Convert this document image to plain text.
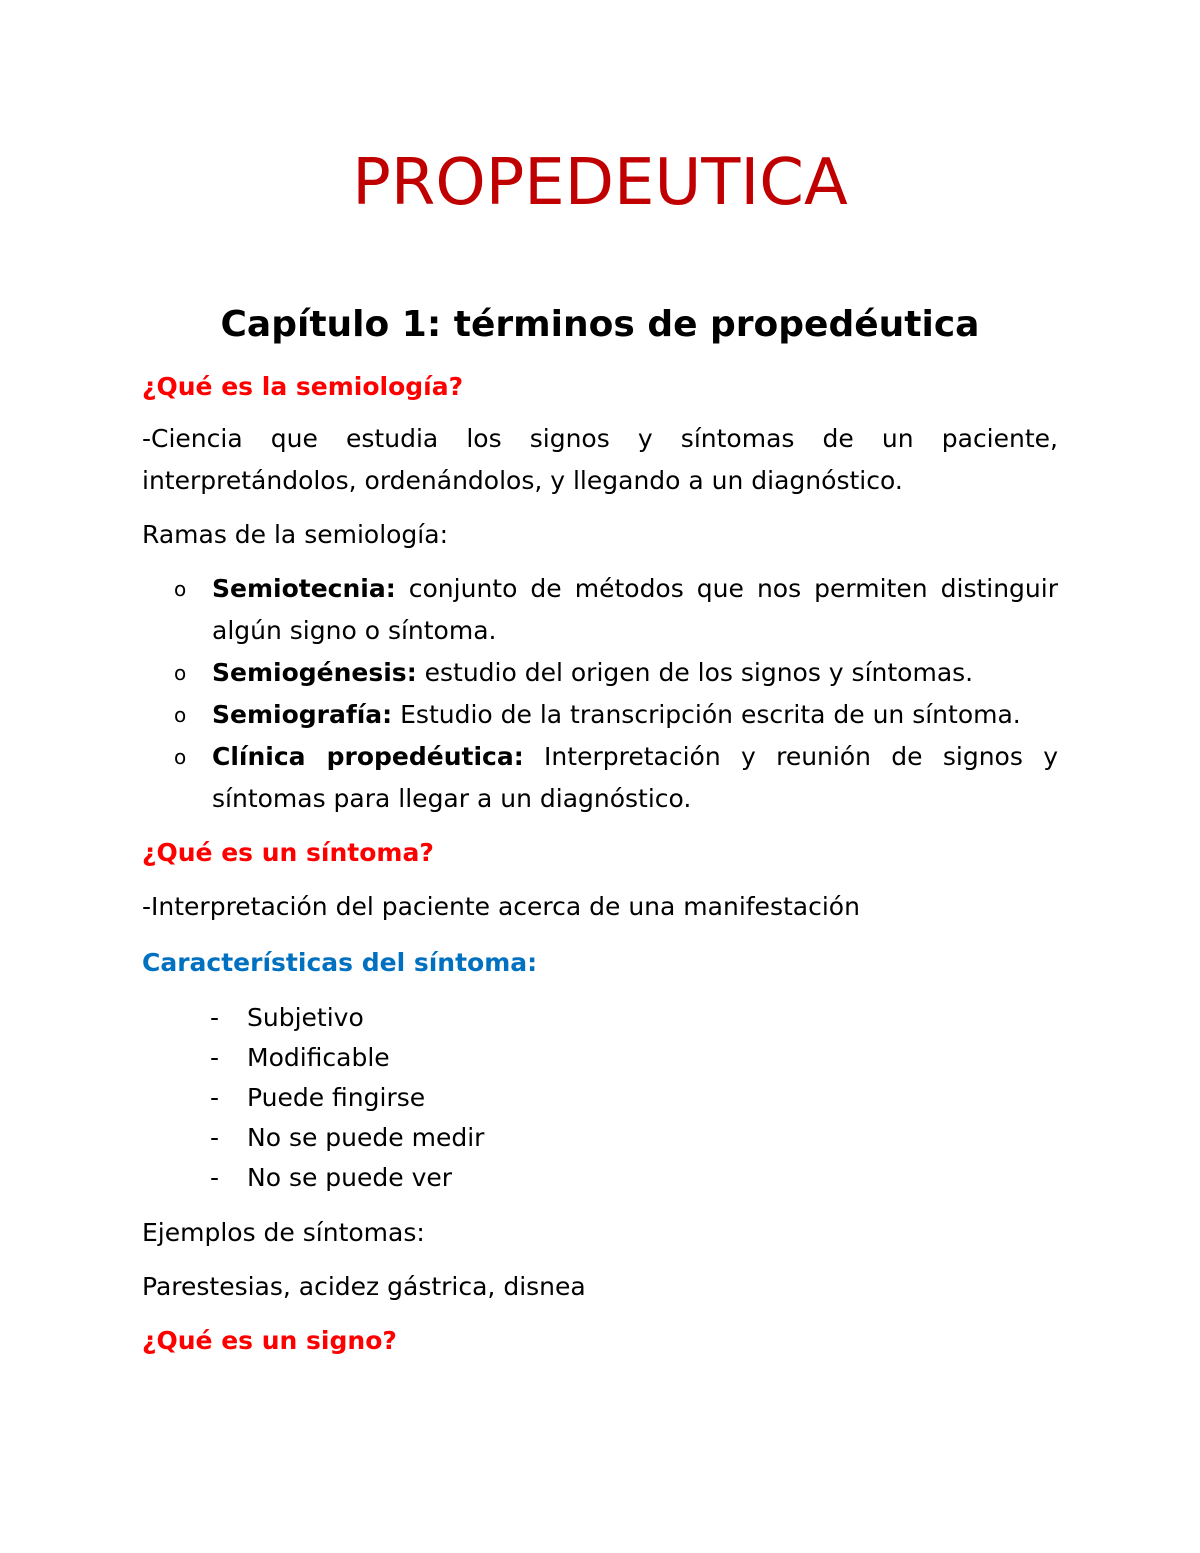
PROPEDEUTICA
Capítulo 1: términos de propedéutica

¿Qué es la semiología?

-Ciencia que estudia los signos y síntomas de un paciente, interpretándolos, ordenándolos, y llegando a un diagnóstico.

Ramas de la semiología:

o Semiotecnia: conjunto de métodos que nos permiten distinguir algún signo o síntoma.
o Semiogénesis: estudio del origen de los signos y síntomas.
o Semiografía: Estudio de la transcripción escrita de un síntoma.
o Clínica propedéutica: Interpretación y reunión de signos y síntomas para llegar a un diagnóstico.

¿Qué es un síntoma?

-Interpretación del paciente acerca de una manifestación

Características del síntoma:

- Subjetivo
- Modificable
- Puede fingirse
- No se puede medir
- No se puede ver

Ejemplos de síntomas:

Parestesias, acidez gástrica, disnea

¿Qué es un signo?
